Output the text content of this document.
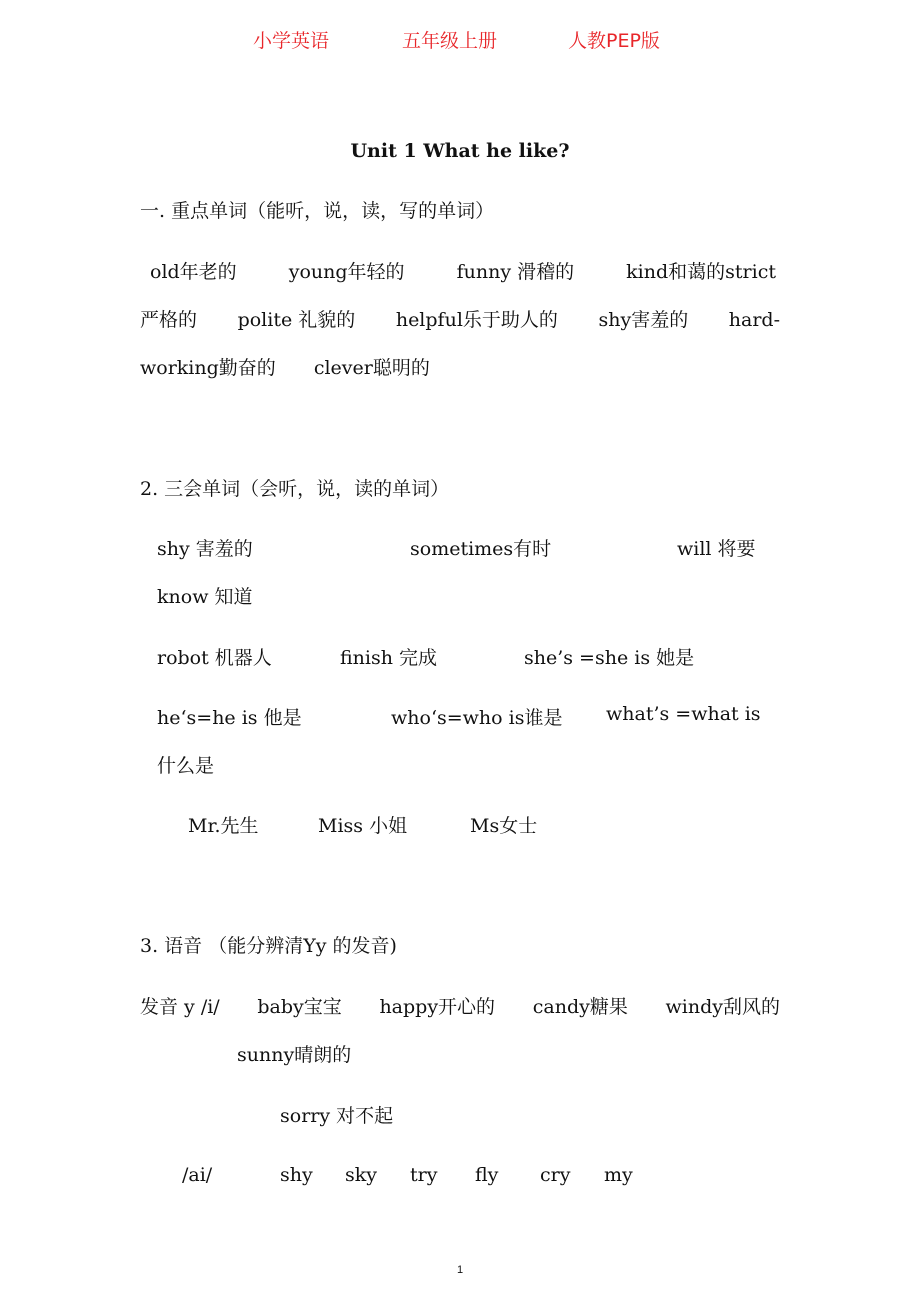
小学英语	五年级上册	人教PEP版
Unit 1 What he like?
一. 重点单词（能听，说，读，写的单词）
old年老的	young年轻的	funny 滑稽的	kind和蔼的strict
严格的 polite 礼貌的 helpful乐于助人的 shy害羞的 hard-
working勤奋的 clever聪明的
2. 三会单词（会听，说，读的单词）
shy 害羞的	sometimes有时	will 将要
know 知道
robot 机器人	finish 完成	she’s =she is 她是
he‘s=he is 他是	who‘s=who is谁是 what’s =what is
什么是
Mr.先生	Miss 小姐	Ms女士
3. 语音 （能分辨清Yy 的发音)
发音 y /i/ baby宝宝 happy开心的 candy糖果 windy刮风的
sunny晴朗的
sorry 对不起
/ai/	shy sky try fly cry my
1
